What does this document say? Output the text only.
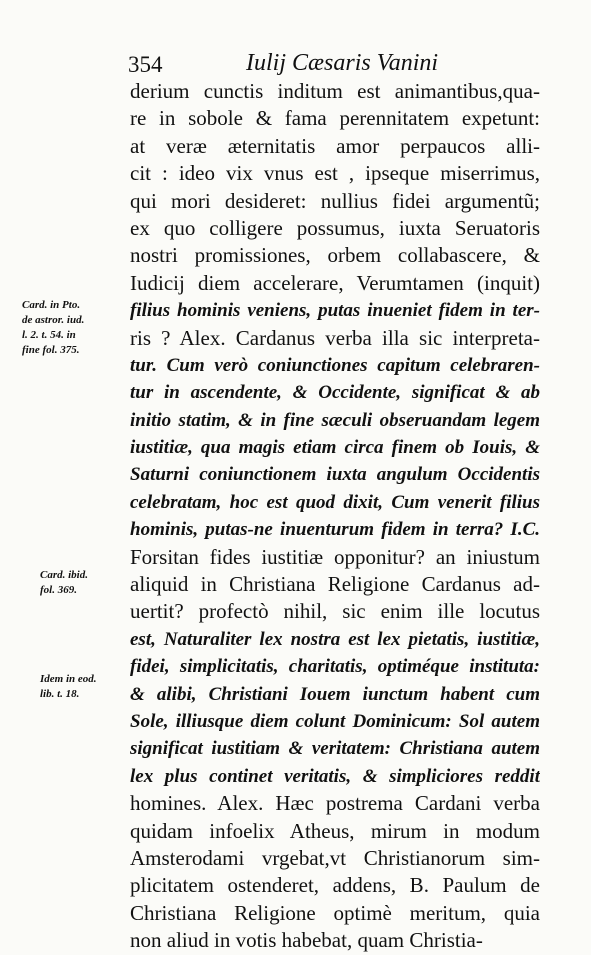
354	Iulij Cæsaris Vanini
derium cunctis inditum est animantibus,qua-
re in sobole & fama perennitatem expetunt:
at veræ æternitatis amor perpaucos alli-
cit : ideo vix vnus est , ipseque miserrimus,
qui mori desideret: nullius fidei argumentũ;
ex quo colligere possumus, iuxta Seruatoris
nostri promissiones, orbem collabascere, &
Iudicij diem accelerare, Verumtamen (inquit)
filius hominis veniens, putas inueniet fidem in ter-
ris ? Alex. Cardanus verba illa sic interpreta-
tur. Cum verò coniunctiones capitum celebraren-
tur in ascendente, & Occidente, significat & ab
initio statim, & in fine sæculi obseruandam legem
iustitiæ, qua magis etiam circa finem ob Iouis, &
Saturni coniunctionem iuxta angulum Occidentis
celebratam, hoc est quod dixit, Cum venerit filius
hominis, putas-ne inuenturum fidem in terra? I.C.
Forsitan fides iustitiæ opponitur? an iniustum
aliquid in Christiana Religione Cardanus ad-
uertit? profectò nihil, sic enim ille locutus
est, Naturaliter lex nostra est lex pietatis, iustitiæ,
fidei, simplicitatis, charitatis, optiméque instituta:
& alibi, Christiani Iouem iunctum habent cum
Sole, illiusque diem colunt Dominicum: Sol autem
significat iustitiam & veritatem: Christiana autem
lex plus continet veritatis, & simpliciores reddit
homines. Alex. Hæc postrema Cardani verba
quidam infoelix Atheus, mirum in modum
Amsterodami vrgebat,vt Christianorum sim-
plicitatem ostenderet, addens, B. Paulum de
Christiana Religione optimè meritum, quia
non aliud in votis habebat, quam Christia-
Card. in Pto.
de astror. iud.
l. 2. t. 54. in
fine fol. 375.
Card. ibid.
fol. 369.
Idem in eod.
lib. t. 18.
